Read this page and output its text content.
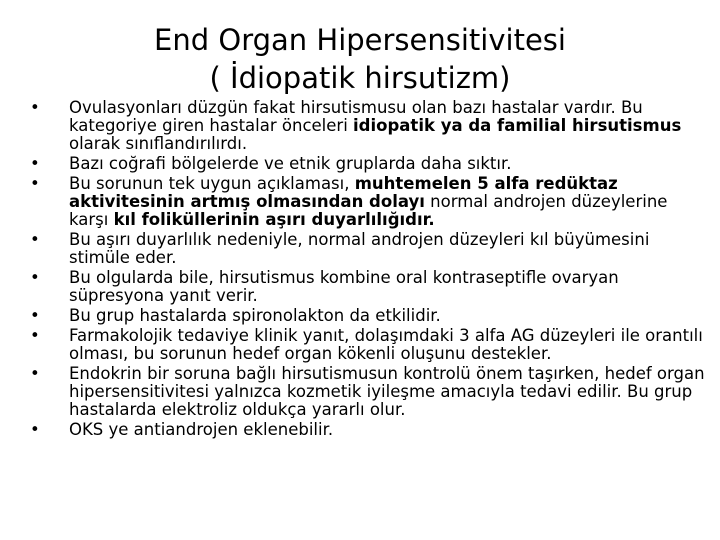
End Organ Hipersensitivitesi
( İdiopatik hirsutizm)
• Ovulasyonları düzgün fakat hirsutismusu olan bazı hastalar vardır. Bu kategoriye giren hastalar önceleri idiopatik ya da familial hirsutismus olarak sınıflandırılırdı.
• Bazı coğrafi bölgelerde ve etnik gruplarda daha sıktır.
• Bu sorunun tek uygun açıklaması, muhtemelen 5 alfa redüktaz aktivitesinin artmış olmasından dolayı normal androjen düzeylerine karşı kıl foliküllerinin aşırı duyarlılığıdır.
• Bu aşırı duyarlılık nedeniyle, normal androjen düzeyleri kıl büyümesini stimüle eder.
• Bu olgularda bile, hirsutismus kombine oral kontraseptifle ovaryan süpresyona yanıt verir.
• Bu grup hastalarda spironolakton da etkilidir.
• Farmakolojik tedaviye klinik yanıt, dolaşımdaki 3 alfa AG düzeyleri ile orantılı olması, bu sorunun hedef organ kökenli oluşunu destekler.
• Endokrin bir soruna bağlı hirsutismusun kontrolü önem taşırken, hedef organ hipersensitivitesi yalnızca kozmetik iyileşme amacıyla tedavi edilir. Bu grup hastalarda elektroliz oldukça yararlı olur.
• OKS ye antiandrojen eklenebilir.
